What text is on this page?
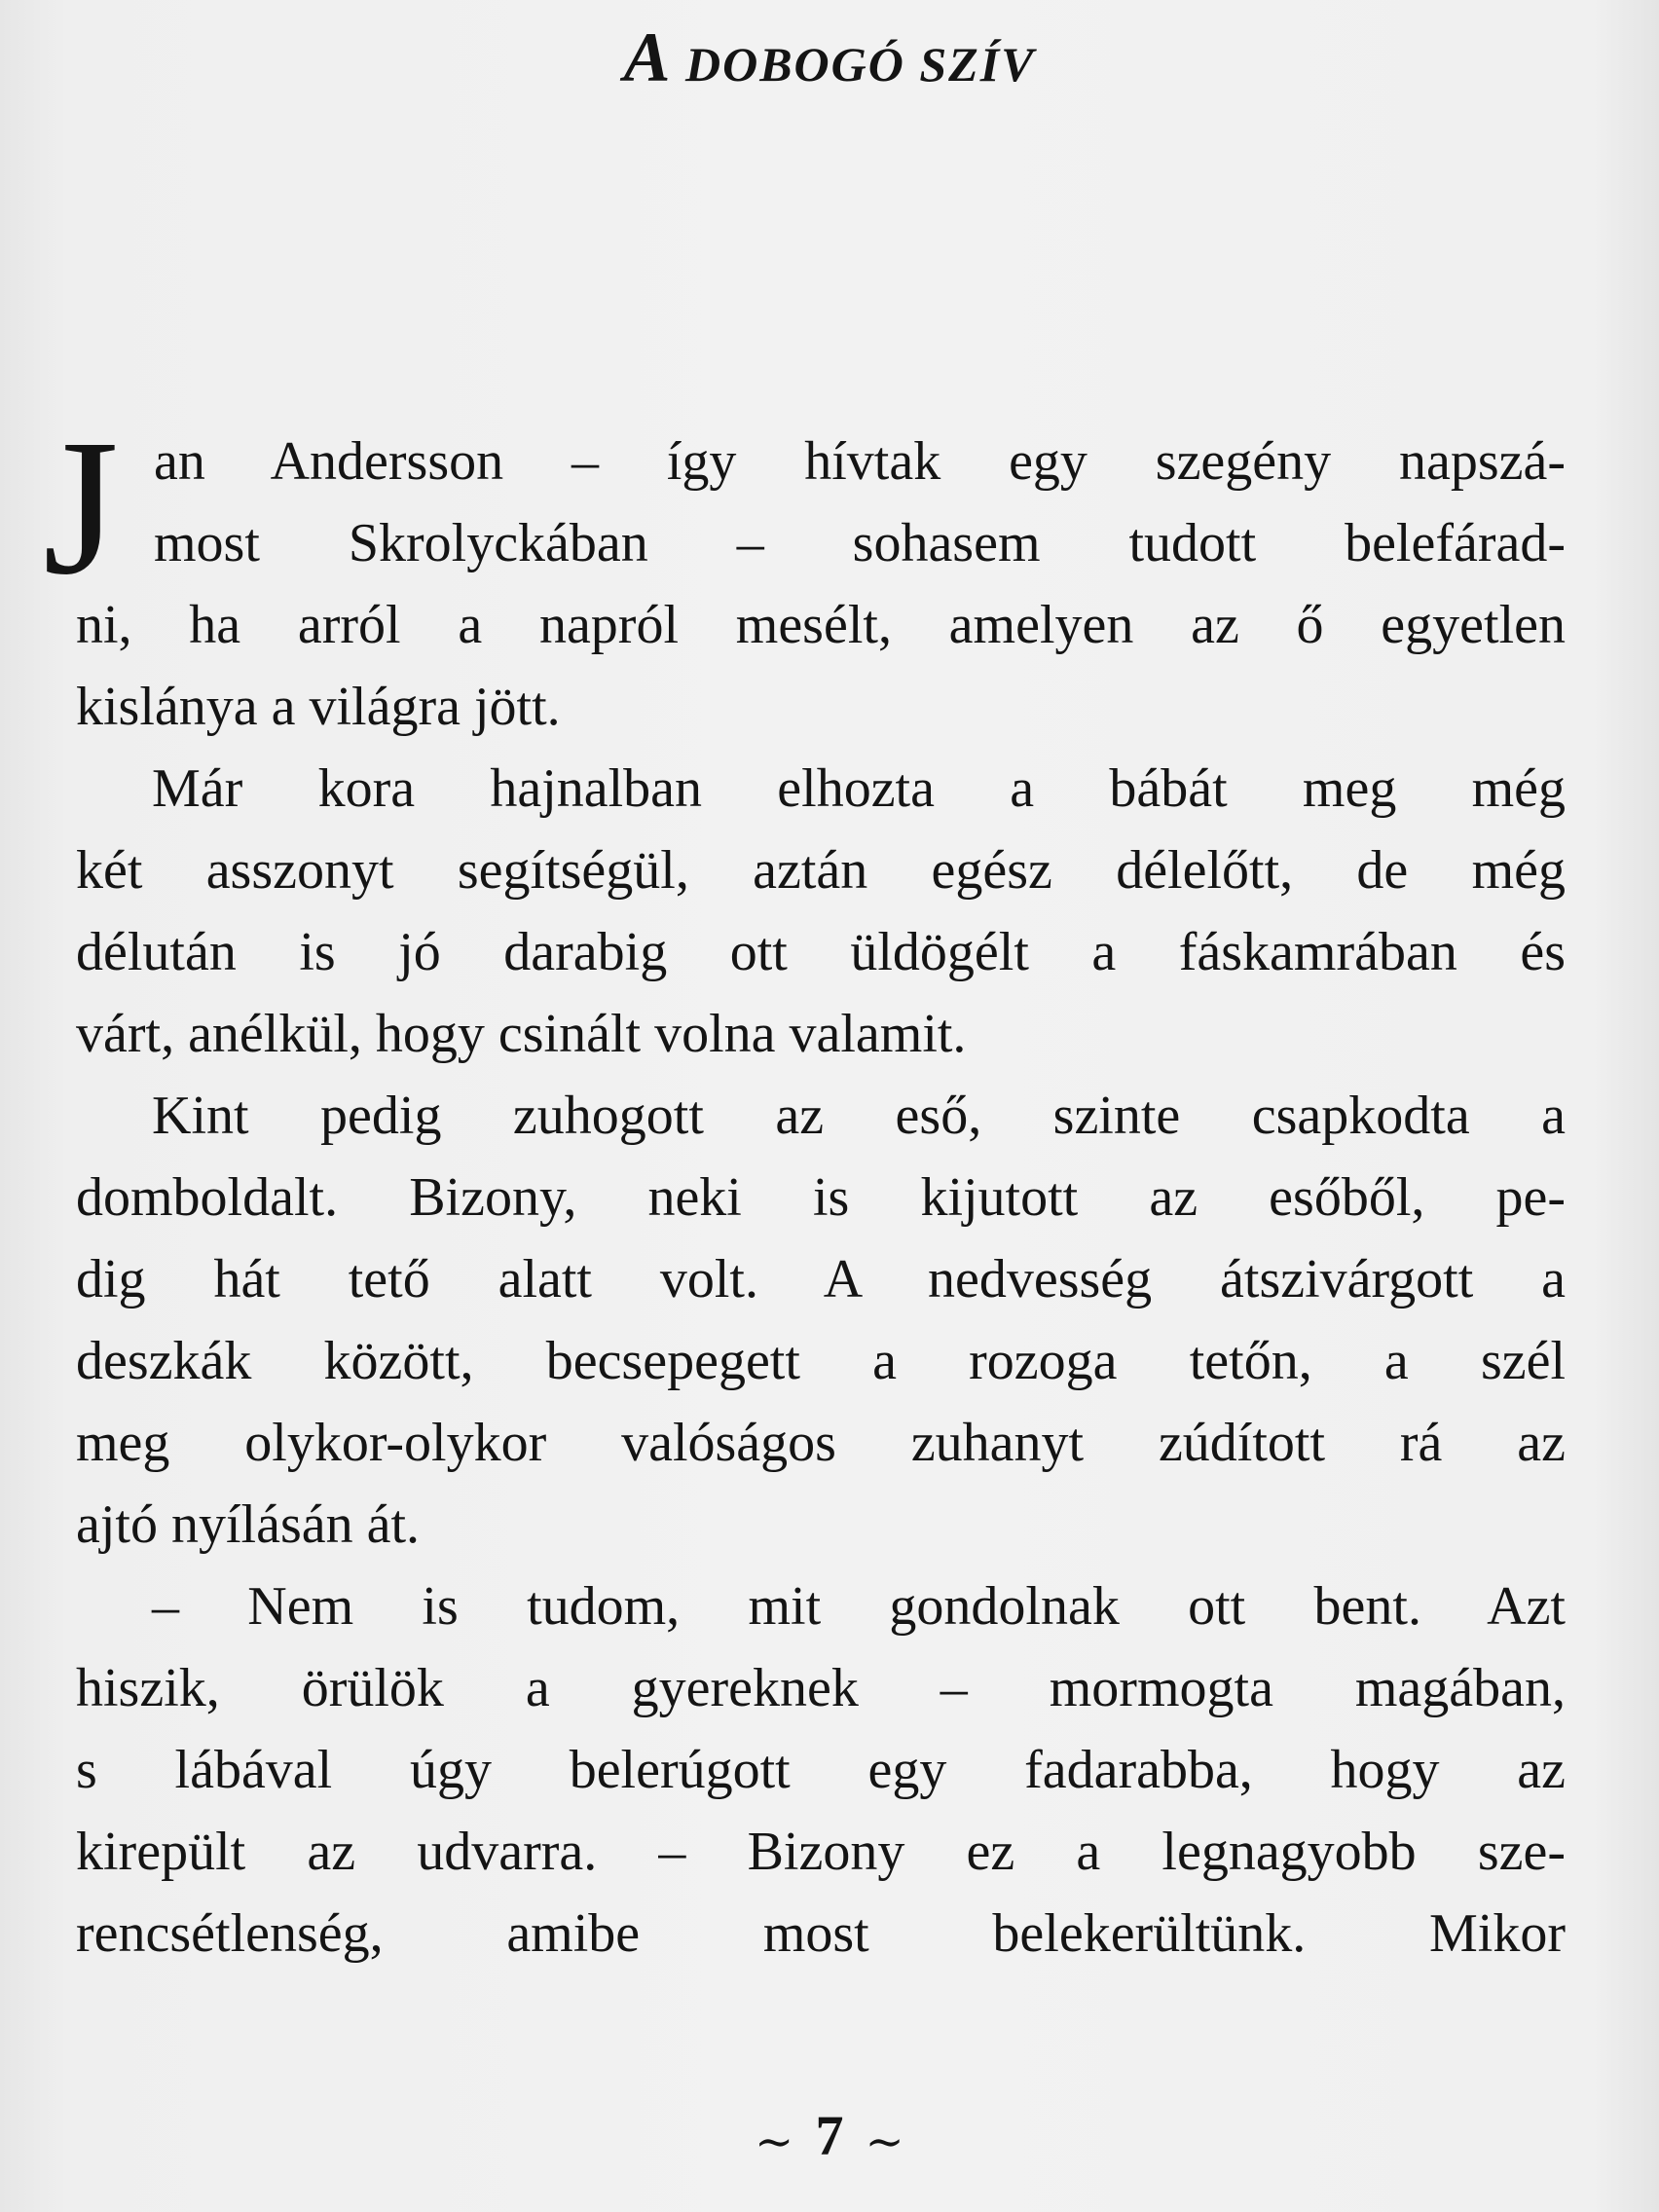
A DOBOGÓ SZÍV
J an Andersson – így hívtak egy szegény napszá-
most Skrolyckában – sohasem tudott belefárad-
ni, ha arról a napról mesélt, amelyen az ő egyetlen
kislánya a világra jött.
Már kora hajnalban elhozta a bábát meg még
két asszonyt segítségül, aztán egész délelőtt, de még
délután is jó darabig ott üldögélt a fáskamrában és
várt, anélkül, hogy csinált volna valamit.
Kint pedig zuhogott az eső, szinte csapkodta a
domboldalt. Bizony, neki is kijutott az esőből, pe-
dig hát tető alatt volt. A nedvesség átszivárgott a
deszkák között, becsepegett a rozoga tetőn, a szél
meg olykor-olykor valóságos zuhanyt zúdított rá az
ajtó nyílásán át.
– Nem is tudom, mit gondolnak ott bent. Azt
hiszik, örülök a gyereknek – mormogta magában,
s lábával úgy belerúgott egy fadarabba, hogy az
kirepült az udvarra. – Bizony ez a legnagyobb sze-
rencsétlenség, amibe most belekerültünk. Mikor
∽ 7 ∼
